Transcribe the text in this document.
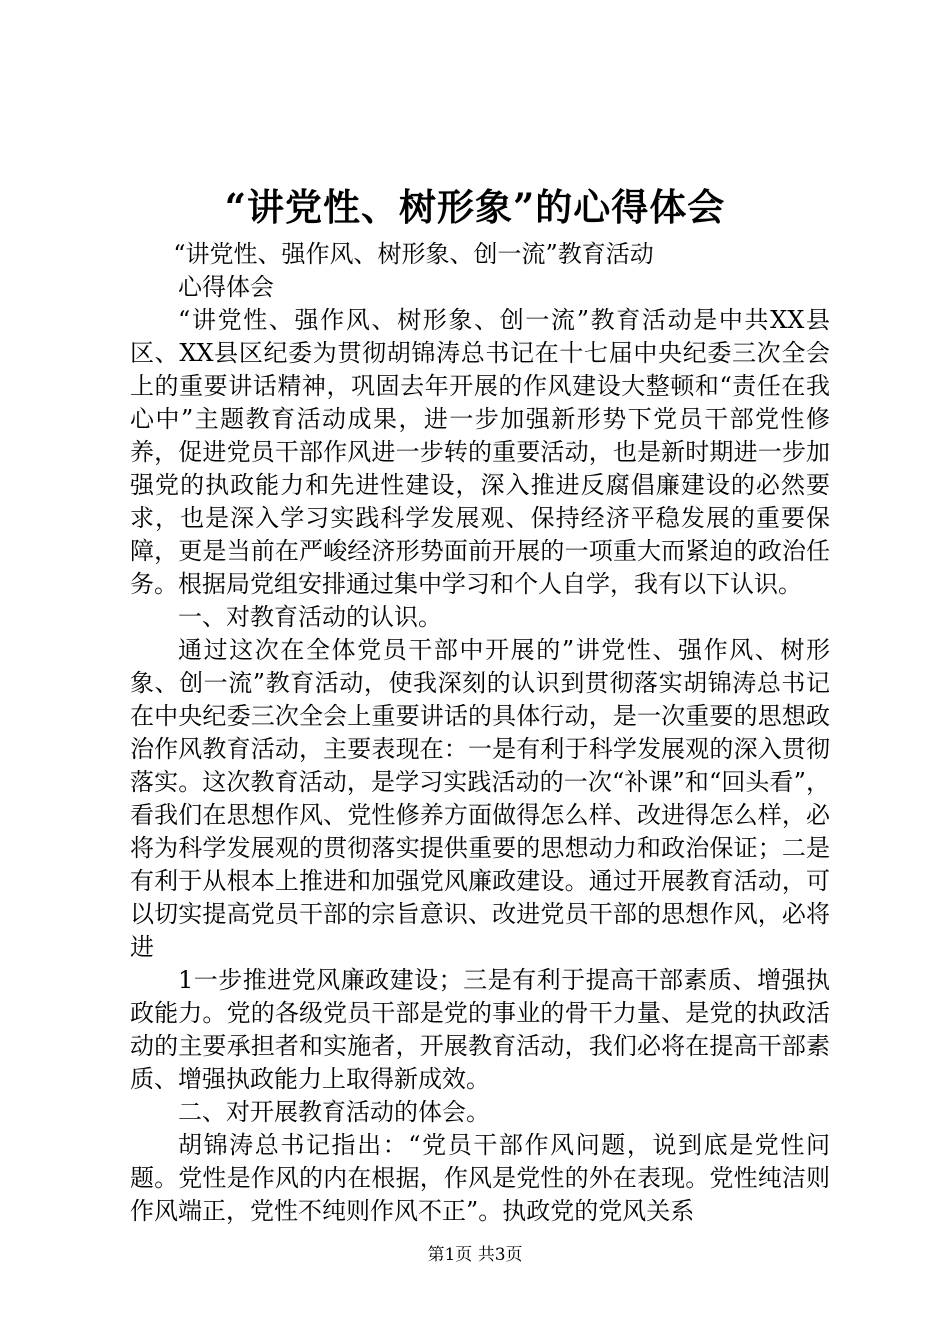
“讲党性、树形象”的心得体会

“讲党性、强作风、树形象、创一流”教育活动

心得体会

“讲党性、强作风、树形象、创一流”教育活动是中共XX县区、XX县区纪委为贯彻胡锦涛总书记在十七届中央纪委三次全会上的重要讲话精神，巩固去年开展的作风建设大整顿和“责任在我心中”主题教育活动成果，进一步加强新形势下党员干部党性修养，促进党员干部作风进一步转的重要活动，也是新时期进一步加强党的执政能力和先进性建设，深入推进反腐倡廉建设的必然要求，也是深入学习实践科学发展观、保持经济平稳发展的重要保障，更是当前在严峻经济形势面前开展的一项重大而紧迫的政治任务。根据局党组安排通过集中学习和个人自学，我有以下认识。

一、对教育活动的认识。

通过这次在全体党员干部中开展的”讲党性、强作风、树形象、创一流”教育活动，使我深刻的认识到贯彻落实胡锦涛总书记在中央纪委三次全会上重要讲话的具体行动，是一次重要的思想政治作风教育活动，主要表现在：一是有利于科学发展观的深入贯彻落实。这次教育活动，是学习实践活动的一次“补课”和“回头看”，看我们在思想作风、党性修养方面做得怎么样、改进得怎么样，必将为科学发展观的贯彻落实提供重要的思想动力和政治保证；二是有利于从根本上推进和加强党风廉政建设。通过开展教育活动，可以切实提高党员干部的宗旨意识、改进党员干部的思想作风，必将进

1一步推进党风廉政建设；三是有利于提高干部素质、增强执政能力。党的各级党员干部是党的事业的骨干力量、是党的执政活动的主要承担者和实施者，开展教育活动，我们必将在提高干部素质、增强执政能力上取得新成效。

二、对开展教育活动的体会。

胡锦涛总书记指出：“党员干部作风问题，说到底是党性问题。党性是作风的内在根据，作风是党性的外在表现。党性纯洁则作风端正，党性不纯则作风不正”。执政党的党风关系

第1页 共3页
